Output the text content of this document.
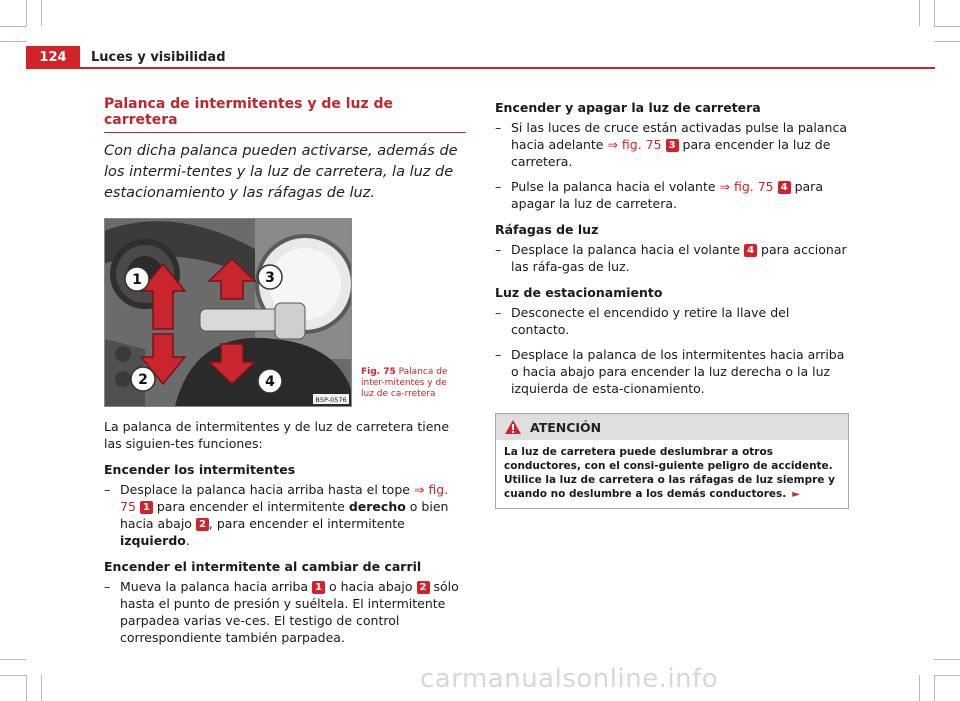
124	Luces y visibilidad
Palanca de intermitentes y de luz de carretera
Con dicha palanca pueden activarse, además de los intermi-tentes y la luz de carretera, la luz de estacionamiento y las ráfagas de luz.
1
2
3
4
B5P-0576
Fig. 75 Palanca de inter-mitentes y de luz de ca-rretera

La palanca de intermitentes y de luz de carretera tiene las siguien-tes funciones:

Encender los intermitentes
– Desplace la palanca hacia arriba hasta el tope ⇒ fig. 75 1 para encender el intermitente derecho o bien hacia abajo 2 , para encender el intermitente izquierdo.
Encender el intermitente al cambiar de carril
– Mueva la palanca hacia arriba 1 o hacia abajo 2 sólo hasta el punto de presión y suéltela. El intermitente parpadea varias ve-ces. El testigo de control correspondiente también parpadea.
Encender y apagar la luz de carretera
– Si las luces de cruce están activadas pulse la palanca hacia adelante ⇒ fig. 75 3 para encender la luz de carretera.
– Pulse la palanca hacia el volante ⇒ fig. 75 4 para apagar la luz de carretera.
Ráfagas de luz
– Desplace la palanca hacia el volante 4 para accionar las ráfa-gas de luz.
Luz de estacionamiento
– Desconecte el encendido y retire la llave del contacto.
– Desplace la palanca de los intermitentes hacia arriba o hacia abajo para encender la luz derecha o la luz izquierda de esta-cionamiento.
ATENCIÓN
La luz de carretera puede deslumbrar a otros conductores, con el consi-guiente peligro de accidente. Utilice la luz de carretera o las ráfagas de luz siempre y cuando no deslumbre a los demás conductores. ►
carmanualsonline.info
